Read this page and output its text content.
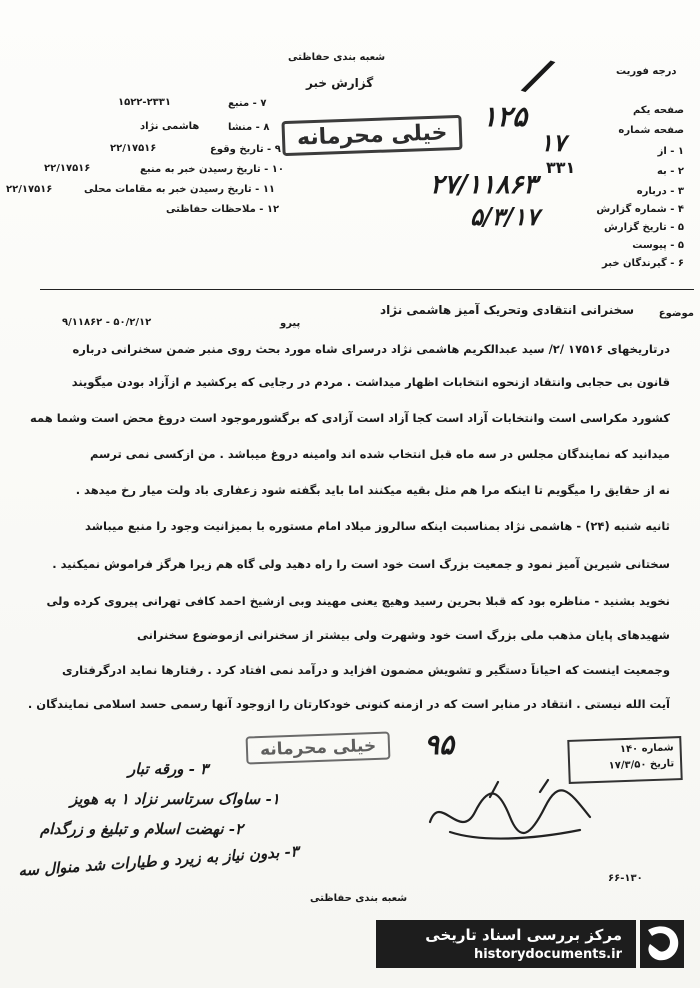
شعبه بندی حفاظتی
گزارش خبر
درجه فوریت
/
خیلی محرمانه
۷ - منبع
۱۵۲۲-۲۳۳۱
۸ - منشا
هاشمی نژاد
۹ - تاریخ وقوع
۲۲/۱۷۵۱۶
۱۰ - تاریخ رسیدن خبر به منبع
۲۲/۱۷۵۱۶
۱۱ - تاریخ رسیدن خبر به مقامات محلی
۲۲/۱۷۵۱۶
۱۲ - ملاحظات حفاظتی
صفحه یکم
صفحه شماره
۱ - از
۲ - به
۳ - درباره
۴ - شماره گزارش
۵ - تاریخ گزارش
۵ - پیوست
۶ - گیرندگان خبر
۱۲۵
۱۷
۳۳۱
۲۷/۱۱۸۶۳
۵/۳/۱۷
موضوع
سخنرانی انتقادی وتحریک آمیز هاشمی نژاد
پیرو
۹/۱۱۸۶۲ - ۵۰/۲/۱۲
درتاریخهای ۱۷۵۱۶ /۲/ سید عبدالکریم هاشمی نژاد درسرای شاه مورد بحث روی منبر ضمن سخنرانی درباره
قانون بی حجابی وانتقاد ازنحوه انتخابات اظهار میداشت . مردم در رجایی که یرکشید م ازآزاد بودن میگویند
کشورد مکراسی است وانتخابات آزاد است کجا آزاد است آزادی که برگشورموجود است دروغ محض است وشما همه
میدانید که نمایندگان مجلس در سه ماه قبل انتخاب شده اند وامینه دروغ میباشد . من ازکسی نمی ترسم
نه از حقایق را میگویم تا اینکه مرا هم مثل بقیه میکنند اما باید بگفته شود زعفاری باد ولت میار رخ میدهد .
ثانیه شنبه (۲۴) - هاشمی نژاد بمناسبت اینکه سالروز میلاد امام مستوره با بمیزانیت وجود را منبع میباشد
سختانی شیرین آمیز نمود و جمعیت بزرگ است خود است را راه دهید ولی گاه هم زیرا هرگز فراموش نمیکنید .
نخوید بشنید - مناظره بود که قبلا بحرین رسید وهیچ یعنی مهیند وبی ازشیخ احمد کافی تهرانی پیروی کرده ولی
شهیدهای پایان مذهب ملی بزرگ است خود وشهرت ولی بیشتر از سخنرانی ازموضوع سخنرانی
وجمعیت اینست که احیاناً دستگیر و تشویش مضمون افزاید و درآمد نمی افتاد کرد . رفتارها نماید ادرگرفتاری
آیت الله نیستی . انتقاد در منابر است که در ازمنه کنونی خودکارتان را ازوجود آنها رسمی حسد اسلامی نمایندگان .
خیلی محرمانه	۹۵	شماره ۱۴۰
تاریخ ۱۷/۳/۵۰
۳ - ورقه تبار
۱- ساواک سرتاسر نزاد ۱ به هویز
۲- نهضت اسلام و تبلیغ و زرگدام
۳- بدون نیاز به زیرد و طیارات شد منوال سه
شعبه بندی حفاظتی
۶۶-۱۳۰
مرکز بررسی اسناد تاریخی
historydocuments.ir
